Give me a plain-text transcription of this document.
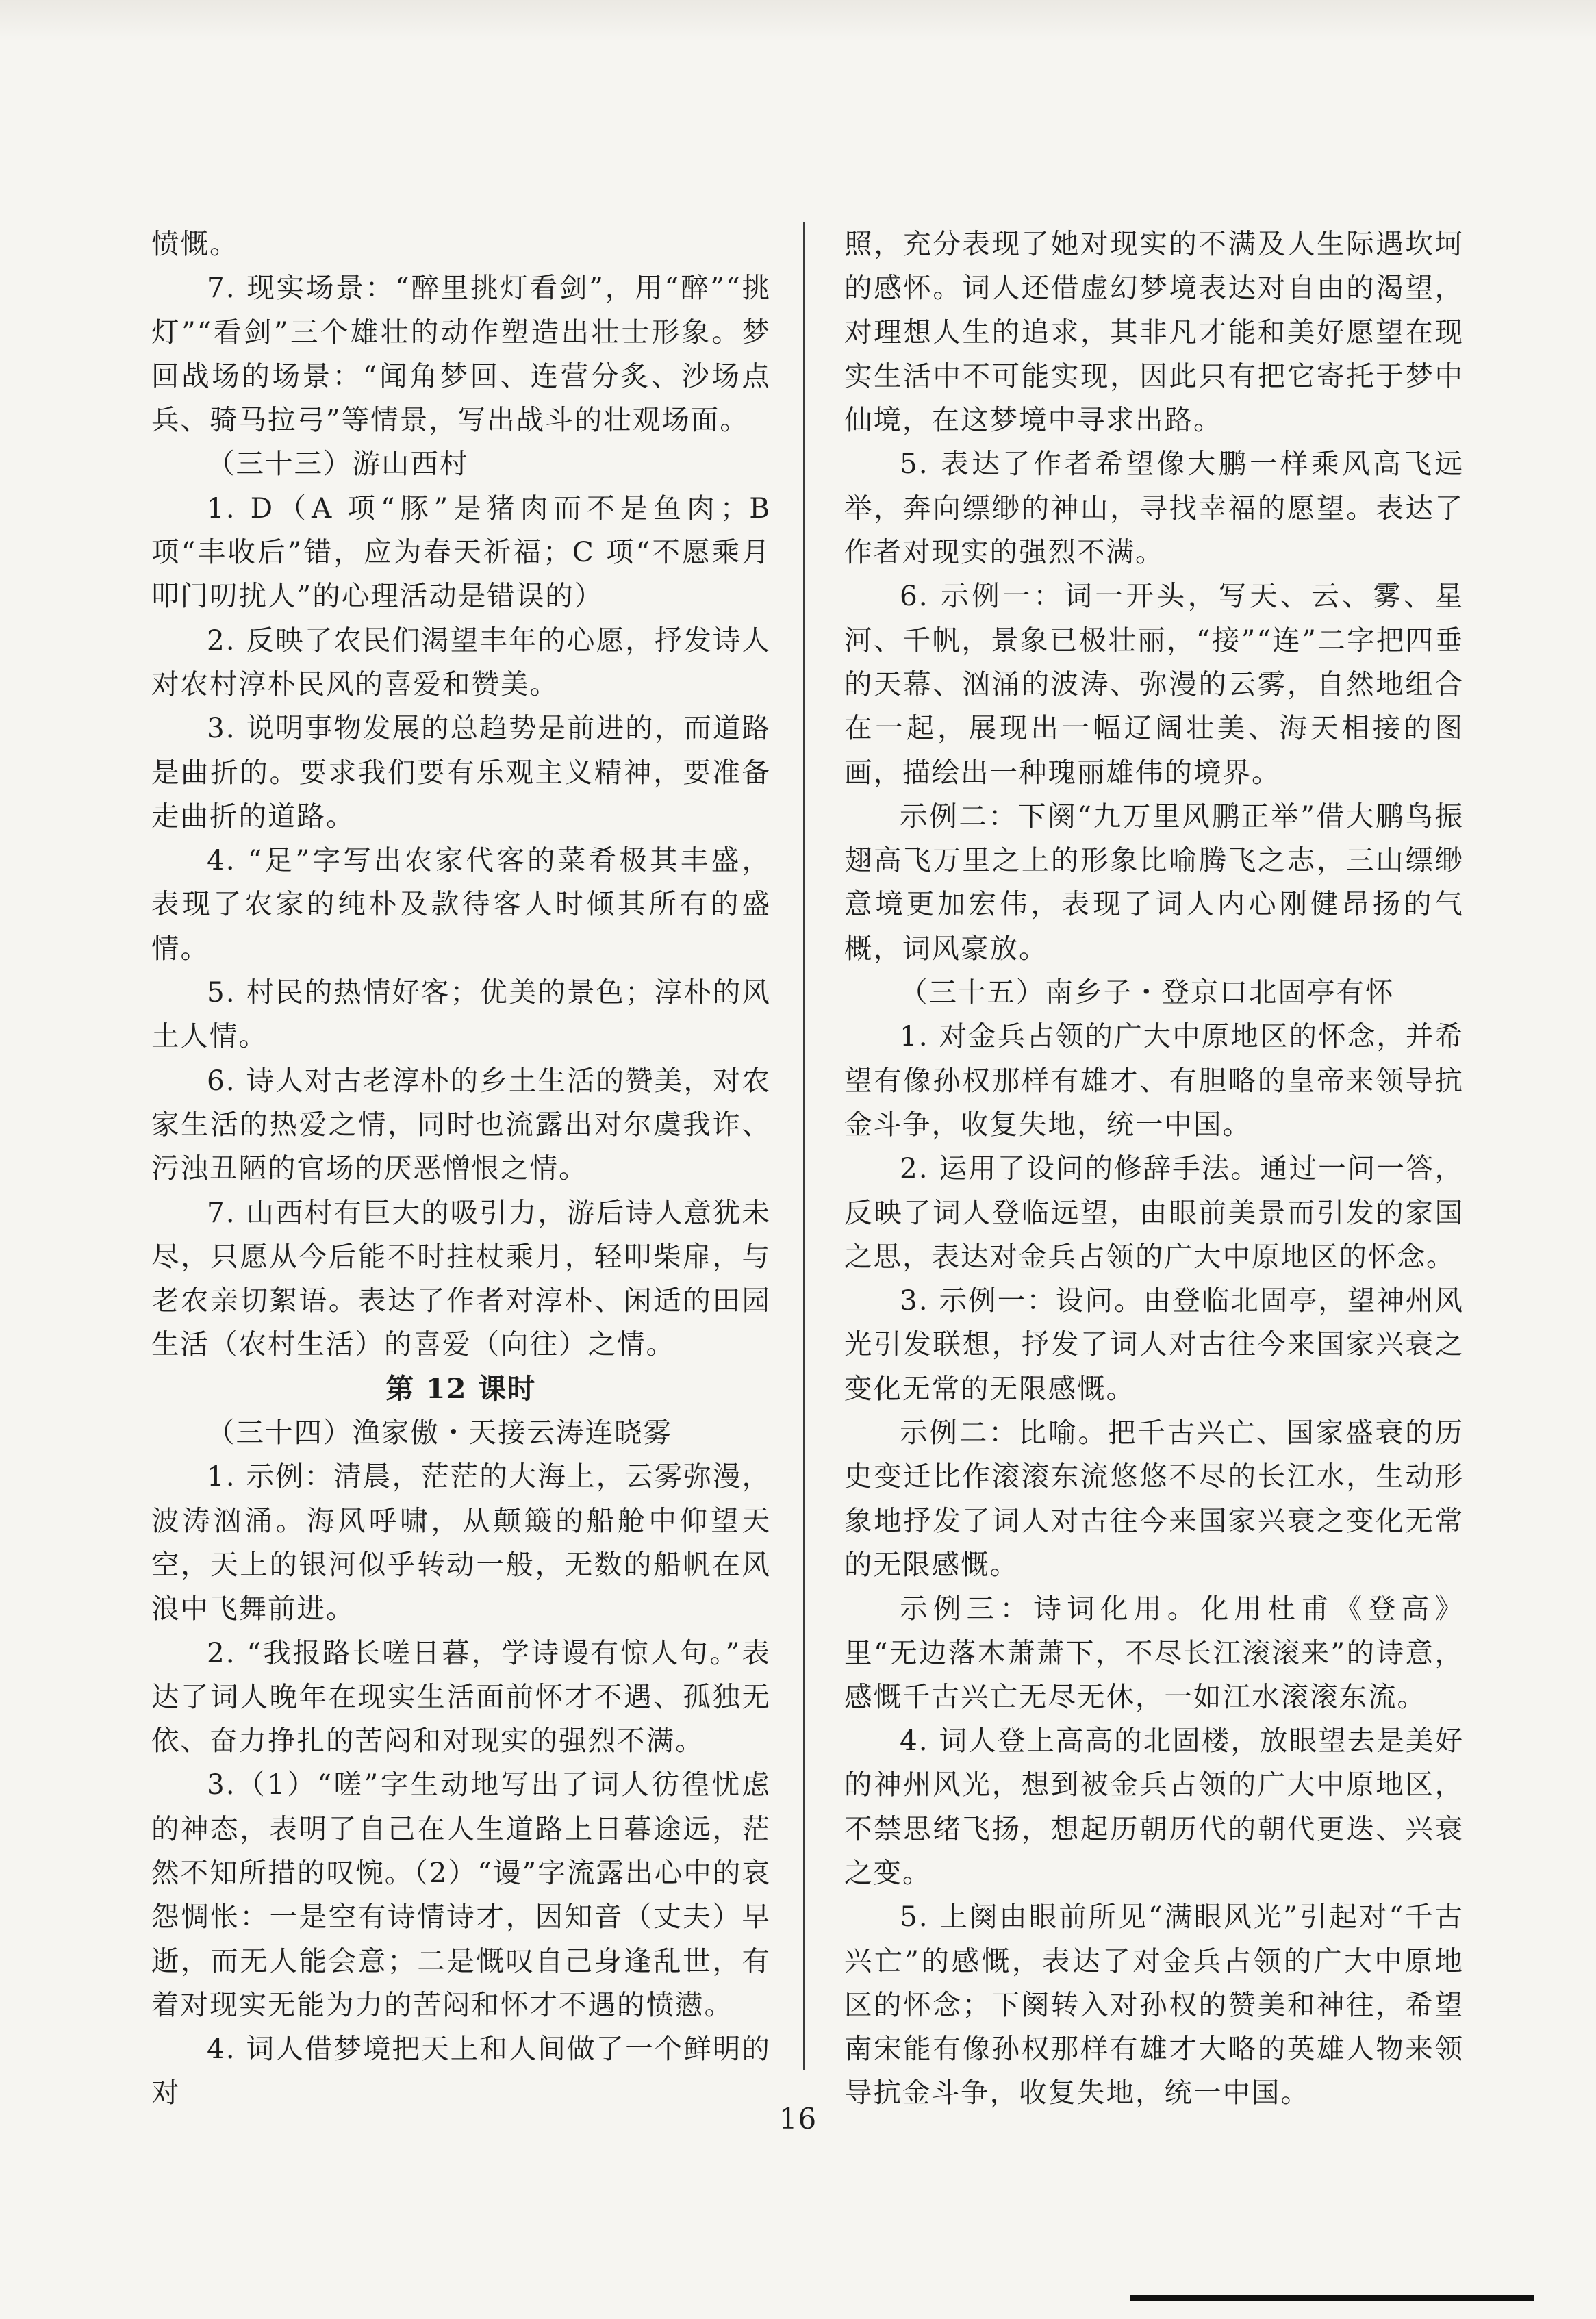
愤慨。

7. 现实场景：“醉里挑灯看剑”，用“醉”“挑灯”“看剑”三个雄壮的动作塑造出壮士形象。梦回战场的场景：“闻角梦回、连营分炙、沙场点兵、骑马拉弓”等情景，写出战斗的壮观场面。

（三十三）游山西村

1. D（A 项“豚”是猪肉而不是鱼肉；B 项“丰收后”错，应为春天祈福；C 项“不愿乘月叩门叨扰人”的心理活动是错误的）

2. 反映了农民们渴望丰年的心愿，抒发诗人对农村淳朴民风的喜爱和赞美。

3. 说明事物发展的总趋势是前进的，而道路是曲折的。要求我们要有乐观主义精神，要准备走曲折的道路。

4. “足”字写出农家代客的菜肴极其丰盛，表现了农家的纯朴及款待客人时倾其所有的盛情。

5. 村民的热情好客；优美的景色；淳朴的风土人情。

6. 诗人对古老淳朴的乡土生活的赞美，对农家生活的热爱之情，同时也流露出对尔虞我诈、污浊丑陋的官场的厌恶憎恨之情。

7. 山西村有巨大的吸引力，游后诗人意犹未尽，只愿从今后能不时拄杖乘月，轻叩柴扉，与老农亲切絮语。表达了作者对淳朴、闲适的田园生活（农村生活）的喜爱（向往）之情。

第 12 课时

（三十四）渔家傲・天接云涛连晓雾

1. 示例：清晨，茫茫的大海上，云雾弥漫，波涛汹涌。海风呼啸，从颠簸的船舱中仰望天空，天上的银河似乎转动一般，无数的船帆在风浪中飞舞前进。

2. “我报路长嗟日暮，学诗谩有惊人句。”表达了词人晚年在现实生活面前怀才不遇、孤独无依、奋力挣扎的苦闷和对现实的强烈不满。

3.（1）“嗟”字生动地写出了词人彷徨忧虑的神态，表明了自己在人生道路上日暮途远，茫然不知所措的叹惋。（2）“谩”字流露出心中的哀怨惆怅：一是空有诗情诗才，因知音（丈夫）早逝，而无人能会意；二是慨叹自己身逢乱世，有着对现实无能为力的苦闷和怀才不遇的愤懑。

4. 词人借梦境把天上和人间做了一个鲜明的对

照，充分表现了她对现实的不满及人生际遇坎坷的感怀。词人还借虚幻梦境表达对自由的渴望，对理想人生的追求，其非凡才能和美好愿望在现实生活中不可能实现，因此只有把它寄托于梦中仙境，在这梦境中寻求出路。

5. 表达了作者希望像大鹏一样乘风高飞远举，奔向缥缈的神山，寻找幸福的愿望。表达了作者对现实的强烈不满。

6. 示例一：词一开头，写天、云、雾、星河、千帆，景象已极壮丽，“接”“连”二字把四垂的天幕、汹涌的波涛、弥漫的云雾，自然地组合在一起，展现出一幅辽阔壮美、海天相接的图画，描绘出一种瑰丽雄伟的境界。

示例二：下阕“九万里风鹏正举”借大鹏鸟振翅高飞万里之上的形象比喻腾飞之志，三山缥缈意境更加宏伟，表现了词人内心刚健昂扬的气概，词风豪放。

（三十五）南乡子・登京口北固亭有怀

1. 对金兵占领的广大中原地区的怀念，并希望有像孙权那样有雄才、有胆略的皇帝来领导抗金斗争，收复失地，统一中国。

2. 运用了设问的修辞手法。通过一问一答，反映了词人登临远望，由眼前美景而引发的家国之思，表达对金兵占领的广大中原地区的怀念。

3. 示例一：设问。由登临北固亭，望神州风光引发联想，抒发了词人对古往今来国家兴衰之变化无常的无限感慨。

示例二：比喻。把千古兴亡、国家盛衰的历史变迁比作滚滚东流悠悠不尽的长江水，生动形象地抒发了词人对古往今来国家兴衰之变化无常的无限感慨。

示例三：诗词化用。化用杜甫《登高》里“无边落木萧萧下，不尽长江滚滚来”的诗意，感慨千古兴亡无尽无休，一如江水滚滚东流。

4. 词人登上高高的北固楼，放眼望去是美好的神州风光，想到被金兵占领的广大中原地区，不禁思绪飞扬，想起历朝历代的朝代更迭、兴衰之变。

5. 上阕由眼前所见“满眼风光”引起对“千古兴亡”的感慨，表达了对金兵占领的广大中原地区的怀念；下阕转入对孙权的赞美和神往，希望南宋能有像孙权那样有雄才大略的英雄人物来领导抗金斗争，收复失地，统一中国。

16
